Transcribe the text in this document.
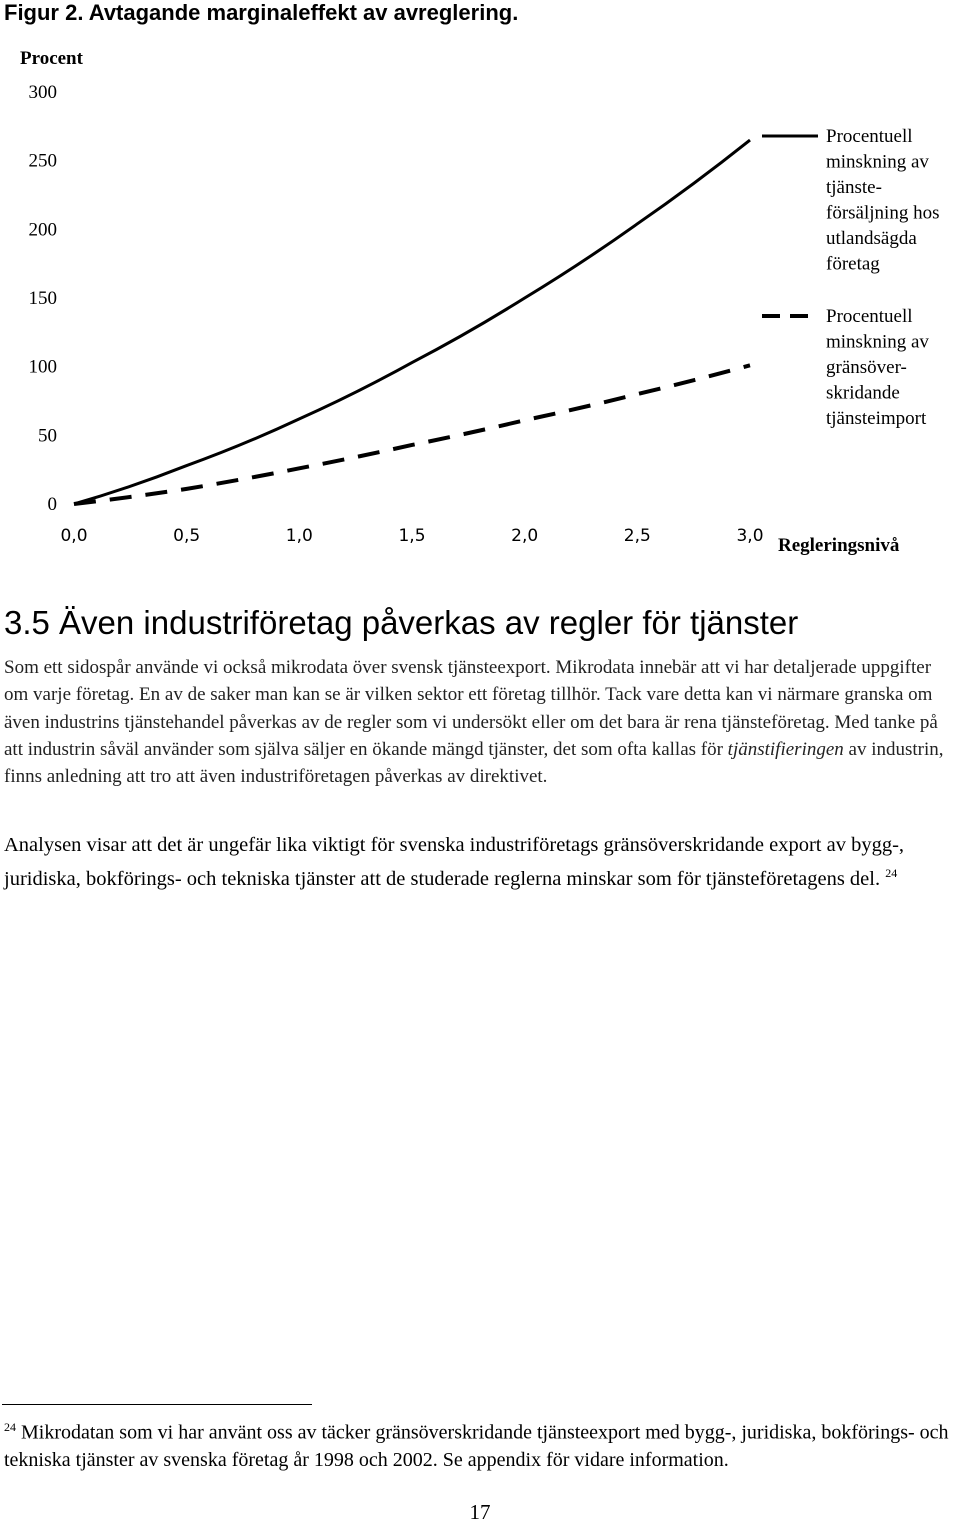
Figur 2. Avtagande marginaleffekt av avreglering.
Procent
0
50
100
150
200
250
300
0,0	0,5	1,0	1,5	2,0	2,5	3,0 Regleringsnivå
Procentuell
minskning av
tjänste-
försäljning hos
utlandsägda
företag
Procentuell
minskning av
gränsöver-
skridande
tjänsteimport
3.5 Även industriföretag påverkas av regler för tjänster

Som ett sidospår använde vi också mikrodata över svensk tjänsteexport. Mikrodata innebär att vi har detaljerade uppgifter om varje företag. En av de saker man kan se är vilken sektor ett företag tillhör. Tack vare detta kan vi närmare granska om även industrins tjänstehandel påverkas av de regler som vi undersökt eller om det bara är rena tjänsteföretag. Med tanke på att industrin såväl använder som själva säljer en ökande mängd tjänster, det som ofta kallas för tjänstifieringen av industrin, finns anledning att tro att även industriföretagen påverkas av direktivet.

Analysen visar att det är ungefär lika viktigt för svenska industriföretags gränsöverskridande export av bygg-, juridiska, bokförings- och tekniska tjänster att de studerade reglerna minskar som för tjänsteföretagens del. $^{24}$

$^{24}$ Mikrodatan som vi har använt oss av täcker gränsöverskridande tjänsteexport med bygg-, juridiska, bokförings- och tekniska tjänster av svenska företag år 1998 och 2002. Se appendix för vidare information.

17
